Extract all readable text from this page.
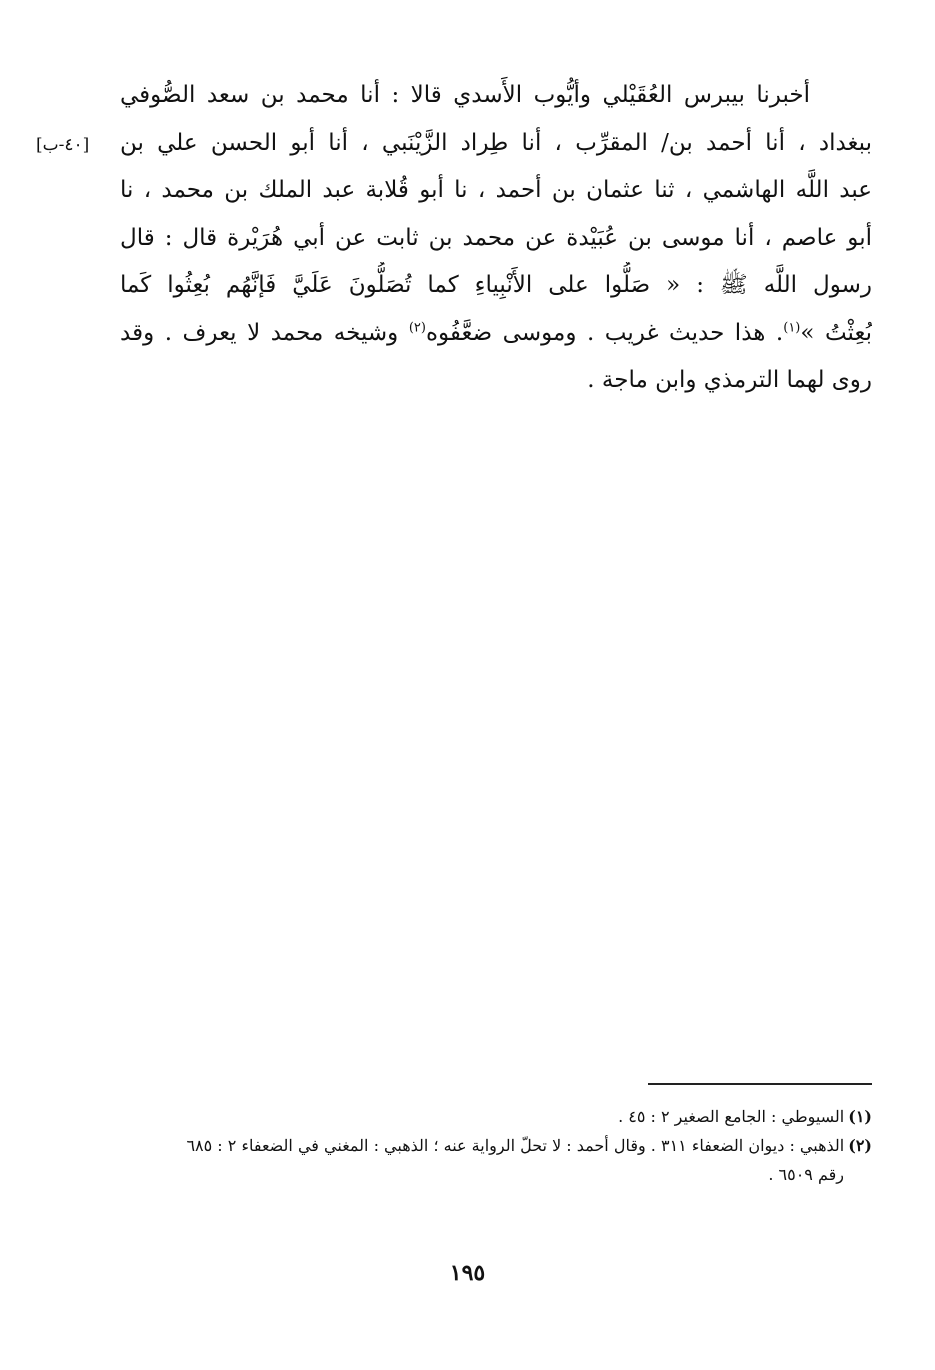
[٤٠-ب]

أخبرنا بيبرس العُقَيْلي وأيُّوب الأَسدي قالا : أنا محمد بن سعد الصُّوفي
ببغداد ، أنا أحمد بن/ المقرِّب ، أنا طِراد الزَّيْنَبي ، أنا أبو الحسن علي بن
عبد اللَّه الهاشمي ، ثنا عثمان بن أحمد ، نا أبو قُلابة عبد الملك بن محمد ، نا
أبو عاصم ، أنا موسى بن عُبَيْدة عن محمد بن ثابت عن أبي هُرَيْرة قال : قال
رسول اللَّه ﷺ : « صَلُّوا على الأَنْبِياءِ كما تُصَلُّونَ عَلَيَّ فَإنَّهُم بُعِثُوا كَما
بُعِثْتُ »$^{(١)}$. هذا حديث غريب . وموسى ضعَّفُوه$^{(٢)}$ وشيخه محمد لا يعرف . وقد
روى لهما الترمذي وابن ماجة .

(١)السيوطي : الجامع الصغير ٢ : ٤٥ .
(٢)الذهبي : ديوان الضعفاء ٣١١ . وقال أحمد : لا تحلّ الرواية عنه ؛ الذهبي : المغني في الضعفاء ٢ : ٦٨٥
رقم ٦٥٠٩ .
١٩٥
